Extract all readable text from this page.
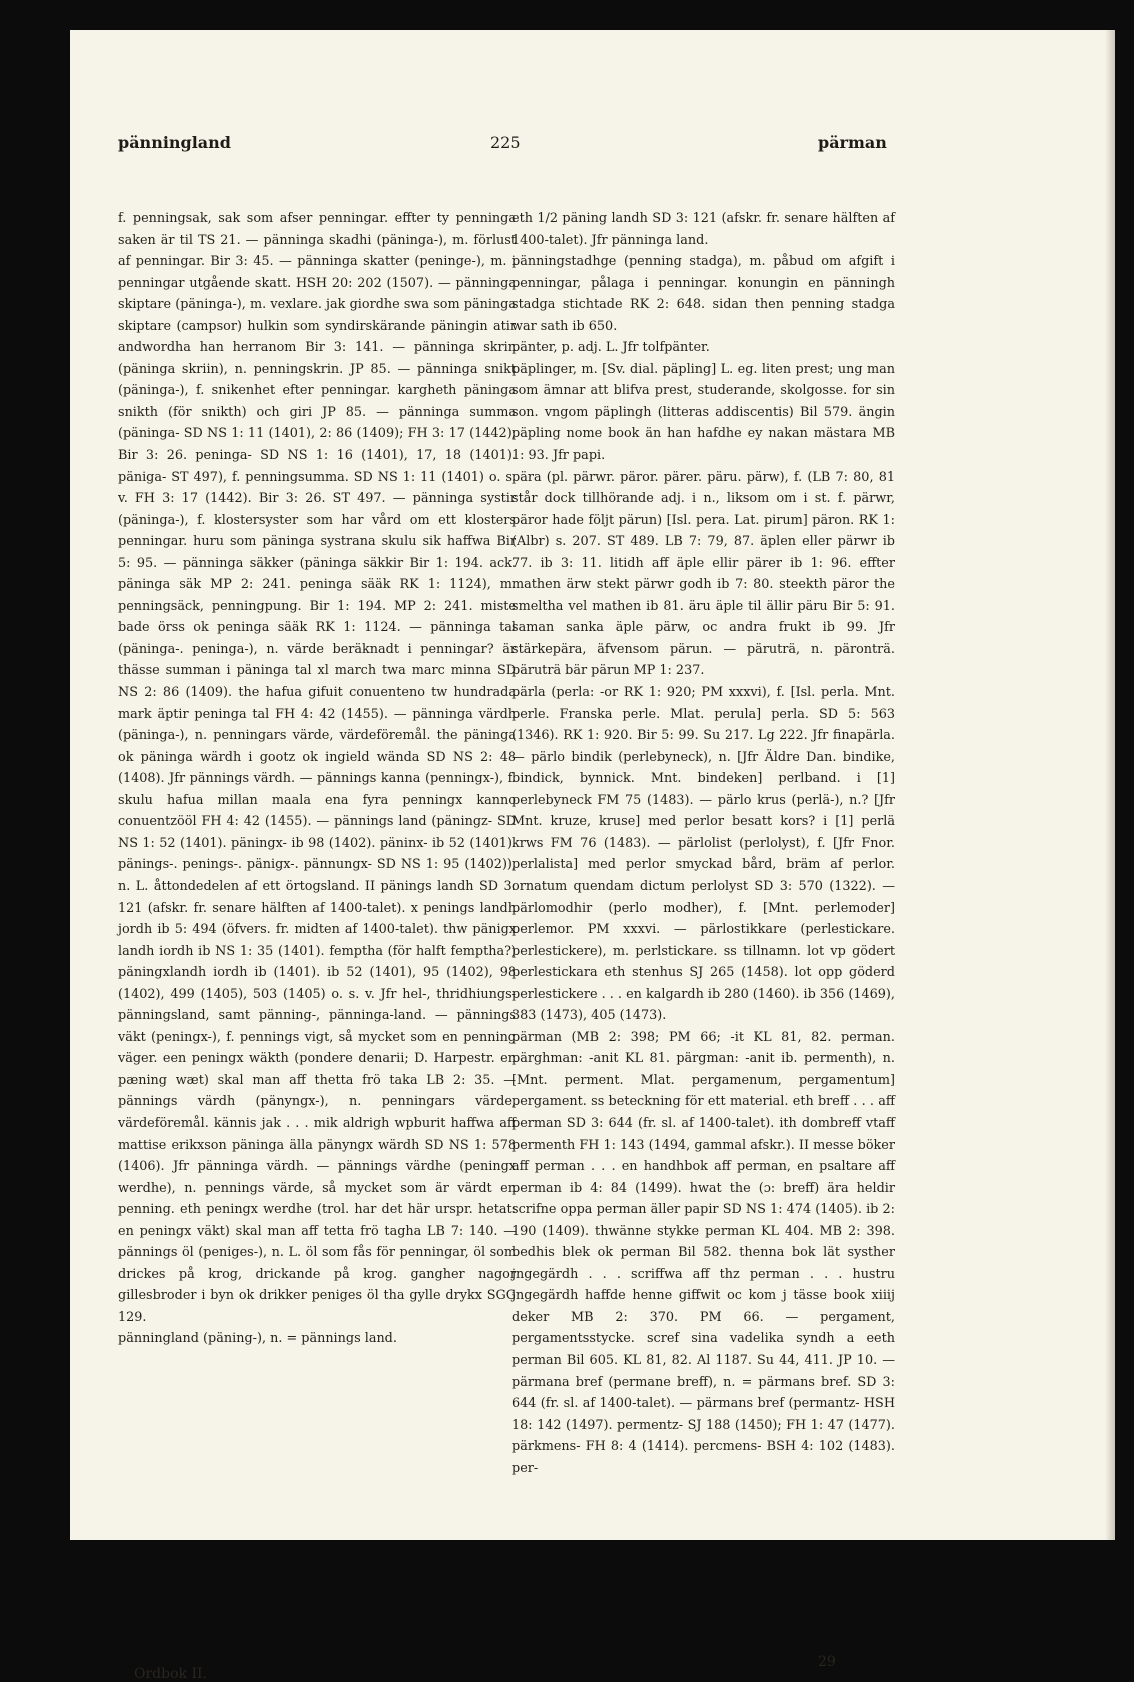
pänningland	225	pärman

f. penningsak, sak som afser penningar. effter ty penninga saken är til TS 21. — pänninga skadhi (päninga-), m. förlust af penningar. Bir 3: 45. — pänninga skatter (peninge-), m. i penningar utgående skatt. HSH 20: 202 (1507). — pänninga skiptare (päninga-), m. vexlare. jak giordhe swa som päninga skiptare (campsor) hulkin som syndirskärande päningin atir andwordha han herranom Bir 3: 141. — pänninga skrin (päninga skriin), n. penningskrin. JP 85. — pänninga snikt (päninga-), f. snikenhet efter penningar. kargheth päninga snikth (för snikth) och giri JP 85. — pänninga summa (päninga- SD NS 1: 11 (1401), 2: 86 (1409); FH 3: 17 (1442); Bir 3: 26. peninga- SD NS 1: 16 (1401), 17, 18 (1401). pänigа- ST 497), f. penningsumma. SD NS 1: 11 (1401) o. s. v. FH 3: 17 (1442). Bir 3: 26. ST 497. — pänninga systir (päninga-), f. klostersyster som har vård om ett klosters penningar. huru som päninga systrana skulu sik haffwa Bir 5: 95. — pänninga säkker (päninga säkkir Bir 1: 194. ack. päninga säk MP 2: 241. peninga sääk RK 1: 1124), m. penningsäck, penningpung. Bir 1: 194. MP 2: 241. miste bade örss ok peninga sääk RK 1: 1124. — pänninga tal (päninga-. peninga-), n. värde beräknadt i penningar? är thässe summan i päninga tal xl march twa marc minna SD NS 2: 86 (1409). the hafua gifuit conuenteno tw hundrada mark äptir peninga tal FH 4: 42 (1455). — pänninga värdh (päninga-), n. penningars värde, värdeföremål. the päninga ok päninga wärdh i gootz ok ingield wända SD NS 2: 48 (1408). Jfr pännings värdh. — pännings kanna (penningx-), f. skulu hafua millan maala ena fyra penningx kanno conuentzööl FH 4: 42 (1455). — pännings land (päningz- SD NS 1: 52 (1401). päningx- ib 98 (1402). päninx- ib 52 (1401). pänings-. penings-. pänigx-. pännungx- SD NS 1: 95 (1402)), n. L. åttondedelen af ett örtogsland. II pänings landh SD 3: 121 (afskr. fr. senare hälften af 1400-talet). x penings landh jordh ib 5: 494 (öfvers. fr. midten af 1400-talet). thw pänigx landh iordh ib NS 1: 35 (1401). femptha (för halft femptha?) päningxlandh iordh ib (1401). ib 52 (1401), 95 (1402), 98 (1402), 499 (1405), 503 (1405) o. s. v. Jfr hel-, thridhiungs-pänningsland, samt pänning-, pänninga-land. — pännings väkt (peningx-), f. pennings vigt, så mycket som en penning väger. een peningx wäkth (pondere denarii; D. Harpestr. en pæning wæt) skal man aff thetta frö taka LB 2: 35. — pännings värdh (pänyngx-), n. penningars värde, värdeföremål. kännis jak . . . mik aldrigh wpburit haffwa aff mattise erikxson päninga älla pänyngx wärdh SD NS 1: 578 (1406). Jfr pänninga värdh. — pännings värdhe (peningx werdhe), n. pennings värde, så mycket som är värdt en penning. eth peningx werdhe (trol. har det här urspr. hetat: en peningx väkt) skal man aff tetta frö tagha LB 7: 140. — pännings öl (peniges-), n. L. öl som fås för penningar, öl som drickes på krog, drickande på krog. gangher nagor gillesbroder i byn ok drikker peniges öl tha gylle drykx SGG 129.

pänningland (päning-), n. = pännings land.

eth 1/2 päning landh SD 3: 121 (afskr. fr. senare hälften af 1400-talet). Jfr pänninga land.

pänningstadhge (penning stadga), m. påbud om afgift i penningar, pålaga i penningar. konungin en pänningh stadga stichtade RK 2: 648. sidan then penning stadga war sath ib 650.

pänter, p. adj. L. Jfr tolfpänter.

päplinger, m. [Sv. dial. päpling] L. eg. liten prest; ung man som ämnar att blifva prest, studerande, skolgosse. for sin son. vngom päplingh (litteras addiscentis) Bil 579. ängin päpling nome book än han hafdhe ey nakan mästara MB 1: 93. Jfr papi.

pära (pl. pärwr. päror. pärer. päru. pärw), f. (LB 7: 80, 81 står dock tillhörande adj. i n., liksom om i st. f. pärwr, päror hade följt pärun) [Isl. pera. Lat. pirum] päron. RK 1: (Albr) s. 207. ST 489. LB 7: 79, 87. äplen eller pärwr ib 77. ib 3: 11. litidh aff äple ellir pärer ib 1: 96. effter mathen ärw stekt pärwr godh ib 7: 80. steekth päror the smeltha vel mathen ib 81. äru äple til ällir päru Bir 5: 91. saman sanka äple pärw, oc andra frukt ib 99. Jfr stärkepära, äfvensom pärun. — päruträ, n. päronträ. päruträ bär pärun MP 1: 237.

pärla (perla: -or RK 1: 920; PM xxxvi), f. [Isl. perla. Mnt. perle. Franska perle. Mlat. perula] perla. SD 5: 563 (1346). RK 1: 920. Bir 5: 99. Su 217. Lg 222. Jfr finapärla. — pärlo bindik (perlebyneck), n. [Jfr Äldre Dan. bindike, bindick, bynnick. Mnt. bindeken] perlband. i [1] perlebyneck FM 75 (1483). — pärlo krus (perlä-), n.? [Jfr Mnt. kruze, kruse] med perlor besatt kors? i [1] perlä krws FM 76 (1483). — pärlolist (perlolyst), f. [Jfr Fnor. perlalista] med perlor smyckad bård, bräm af perlor. ornatum quendam dictum perlolyst SD 3: 570 (1322). — pärlomodhir (perlo modher), f. [Mnt. perlemoder] perlemor. PM xxxvi. — pärlostikkare (perlestickare. perlestickere), m. perlstickare. ss tillnamn. lot vp gödert perlestickara eth stenhus SJ 265 (1458). lot opp göderd perlestickere . . . en kalgardh ib 280 (1460). ib 356 (1469), 383 (1473), 405 (1473).

pärman (MB 2: 398; PM 66; -it KL 81, 82. perman. pärghman: -anit KL 81. pärgman: -anit ib. permenth), n. [Mnt. perment. Mlat. pergamenum, pergamentum] pergament. ss beteckning för ett material. eth breff . . . aff perman SD 3: 644 (fr. sl. af 1400-talet). ith dombreff vtaff permenth FH 1: 143 (1494, gammal afskr.). II messe böker aff perman . . . en handhbok aff perman, en psaltare aff perman ib 4: 84 (1499). hwat the (ɔ: breff) ära heldir scrifne oppa perman äller papir SD NS 1: 474 (1405). ib 2: 190 (1409). thwänne stykke perman KL 404. MB 2: 398. bedhis blek ok perman Bil 582. thenna bok lät systher jngegärdh . . . scriffwa aff thz perman . . . hustru jngegärdh haffde henne giffwit oc kom j tässe book xiiij deker MB 2: 370. PM 66. — pergament, pergamentsstycke. scref sina vadelika syndh a eeth perman Bil 605. KL 81, 82. Al 1187. Su 44, 411. JP 10. — pärmana bref (permane breff), n. = pärmans bref. SD 3: 644 (fr. sl. af 1400-talet). — pärmans bref (permantz- HSH 18: 142 (1497). permentz- SJ 188 (1450); FH 1: 47 (1477). pärkmens- FH 8: 4 (1414). percmens- BSH 4: 102 (1483). per-

Ordbok II.
29
